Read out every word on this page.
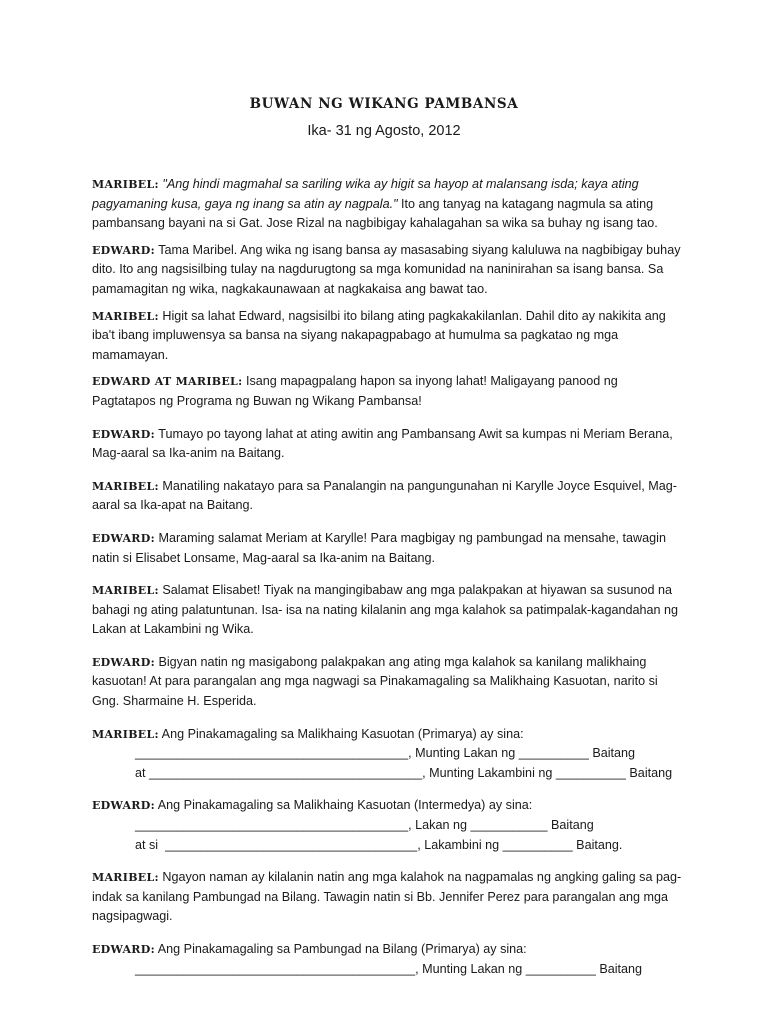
BUWAN NG WIKANG PAMBANSA
Ika- 31 ng Agosto, 2012

MARIBEL: "Ang hindi magmahal sa sariling wika ay higit sa hayop at malansang isda; kaya ating pagyamaning kusa, gaya ng inang sa atin ay nagpala." Ito ang tanyag na katagang nagmula sa ating pambansang bayani na si Gat. Jose Rizal na nagbibigay kahalagahan sa wika sa buhay ng isang tao.

EDWARD: Tama Maribel. Ang wika ng isang bansa ay masasabing siyang kaluluwa na nagbibigay buhay dito. Ito ang nagsisilbing tulay na nagdurugtong sa mga komunidad na naninirahan sa isang bansa. Sa pamamagitan ng wika, nagkakaunawaan at nagkakaisa ang bawat tao.

MARIBEL: Higit sa lahat Edward, nagsisilbi ito bilang ating pagkakakilanlan. Dahil dito ay nakikita ang iba't ibang impluwensya sa bansa na siyang nakapagpabago at humulma sa pagkatao ng mga mamamayan.

EDWARD AT MARIBEL: Isang mapagpalang hapon sa inyong lahat! Maligayang panood ng Pagtatapos ng Programa ng Buwan ng Wikang Pambansa!

EDWARD: Tumayo po tayong lahat at ating awitin ang Pambansang Awit sa kumpas ni Meriam Berana, Mag-aaral sa Ika-anim na Baitang.

MARIBEL: Manatiling nakatayo para sa Panalangin na pangungunahan ni Karylle Joyce Esquivel, Mag-aaral sa Ika-apat na Baitang.

EDWARD: Maraming salamat Meriam at Karylle! Para magbigay ng pambungad na mensahe, tawagin natin si Elisabet Lonsame, Mag-aaral sa Ika-anim na Baitang.

MARIBEL: Salamat Elisabet! Tiyak na mangingibabaw ang mga palakpakan at hiyawan sa susunod na bahagi ng ating palatuntunan. Isa- isa na nating kilalanin ang mga kalahok sa patimpalak-kagandahan ng Lakan at Lakambini ng Wika.

EDWARD: Bigyan natin ng masigabong palakpakan ang ating mga kalahok sa kanilang malikhaing kasuotan! At para parangalan ang mga nagwagi sa Pinakamagaling sa Malikhaing Kasuotan, narito si Gng. Sharmaine H. Esperida.

MARIBEL: Ang Pinakamagaling sa Malikhaing Kasuotan (Primarya) ay sina:
_______________________________________, Munting Lakan ng __________ Baitang
at _______________________________________, Munting Lakambini ng __________ Baitang

EDWARD: Ang Pinakamagaling sa Malikhaing Kasuotan (Intermedya) ay sina:
_______________________________________, Lakan ng ___________ Baitang
at si  ____________________________________, Lakambini ng __________ Baitang.

MARIBEL: Ngayon naman ay kilalanin natin ang mga kalahok na nagpamalas ng angking galing sa pag-indak sa kanilang Pambungad na Bilang. Tawagin natin si Bb. Jennifer Perez para parangalan ang mga nagsipagwagi.

EDWARD: Ang Pinakamagaling sa Pambungad na Bilang (Primarya) ay sina:
________________________________________, Munting Lakan ng __________ Baitang
